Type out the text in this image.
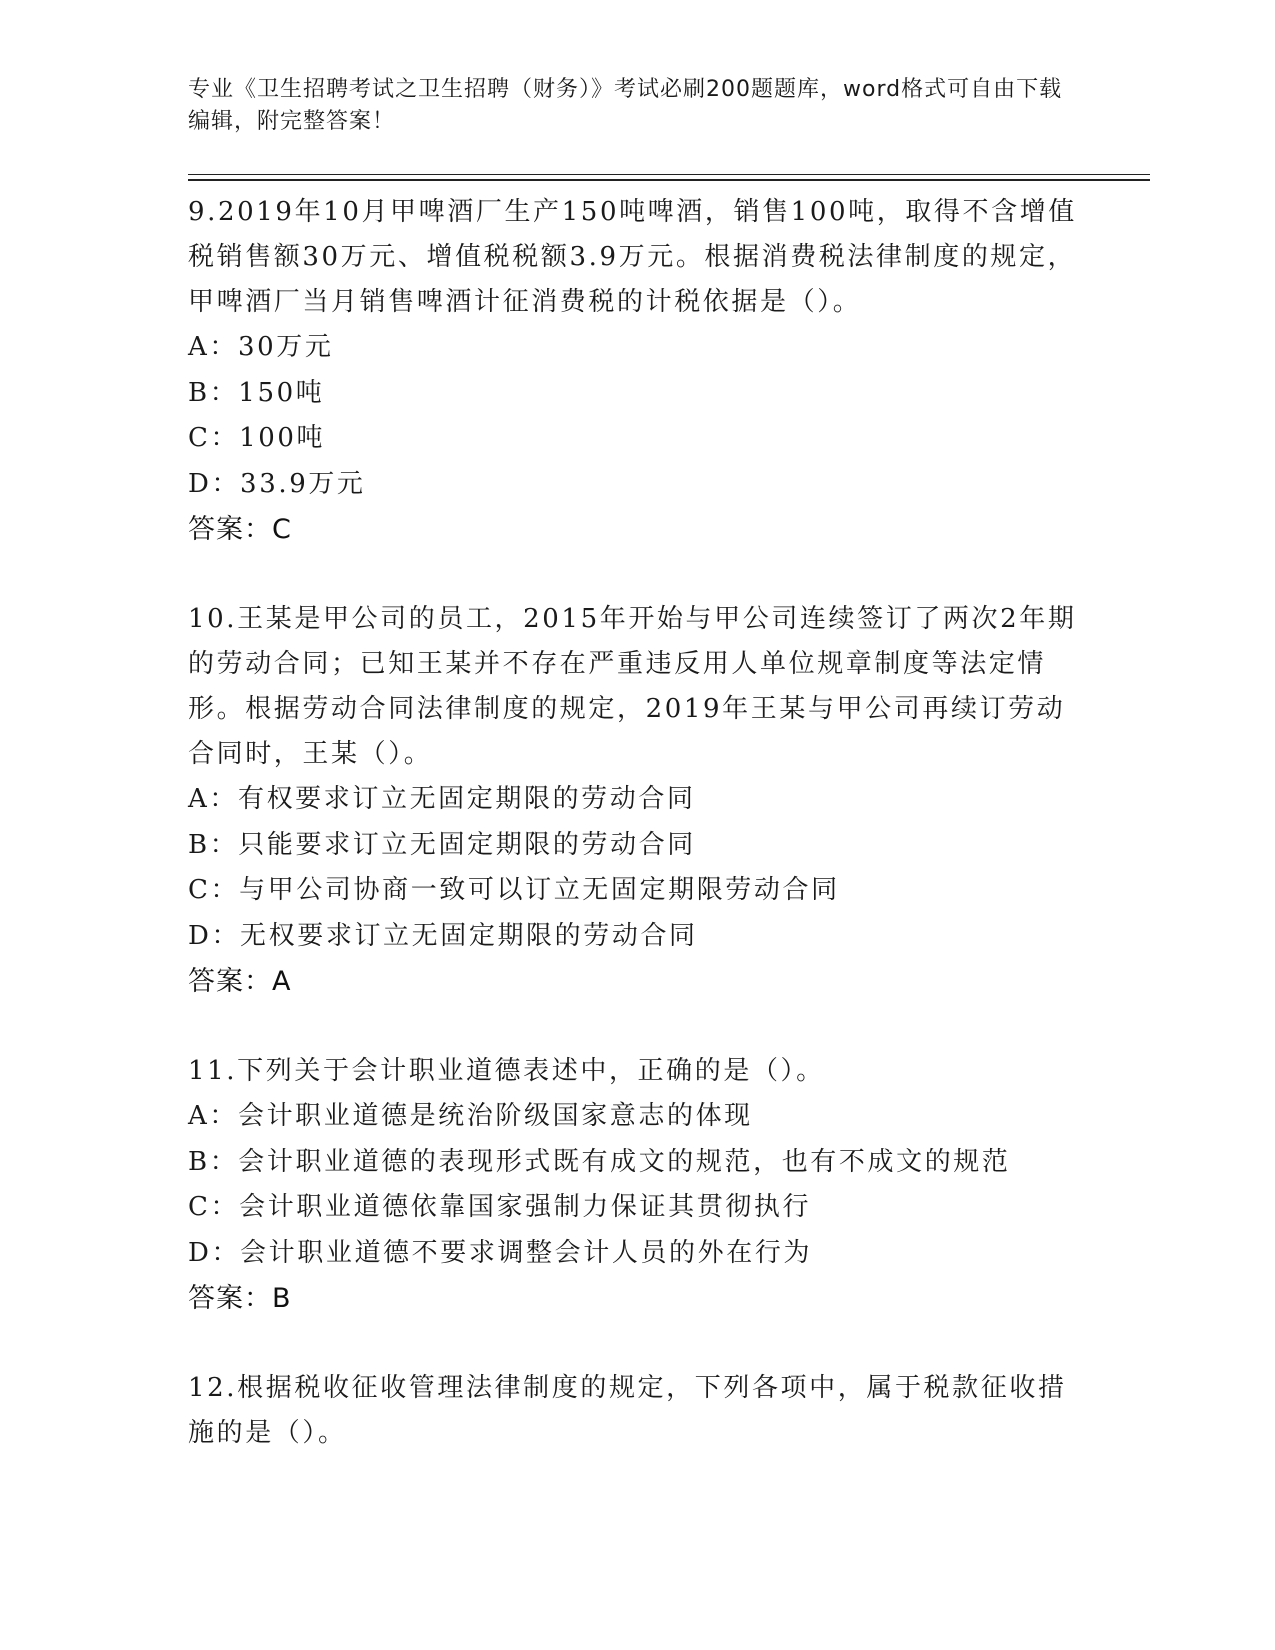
专业《卫生招聘考试之卫生招聘（财务）》考试必刷200题题库，word格式可自由下载编辑，附完整答案！
9.2019年10月甲啤酒厂生产150吨啤酒，销售100吨，取得不含增值税销售额30万元、增值税税额3.9万元。根据消费税法律制度的规定，甲啤酒厂当月销售啤酒计征消费税的计税依据是（）。
A：30万元
B：150吨
C：100吨
D：33.9万元
答案：C
10.王某是甲公司的员工，2015年开始与甲公司连续签订了两次2年期的劳动合同；已知王某并不存在严重违反用人单位规章制度等法定情形。根据劳动合同法律制度的规定，2019年王某与甲公司再续订劳动合同时，王某（）。
A：有权要求订立无固定期限的劳动合同
B：只能要求订立无固定期限的劳动合同
C：与甲公司协商一致可以订立无固定期限劳动合同
D：无权要求订立无固定期限的劳动合同
答案：A
11.下列关于会计职业道德表述中，正确的是（）。
A：会计职业道德是统治阶级国家意志的体现
B：会计职业道德的表现形式既有成文的规范，也有不成文的规范
C：会计职业道德依靠国家强制力保证其贯彻执行
D：会计职业道德不要求调整会计人员的外在行为
答案：B
12.根据税收征收管理法律制度的规定，下列各项中，属于税款征收措施的是（）。
